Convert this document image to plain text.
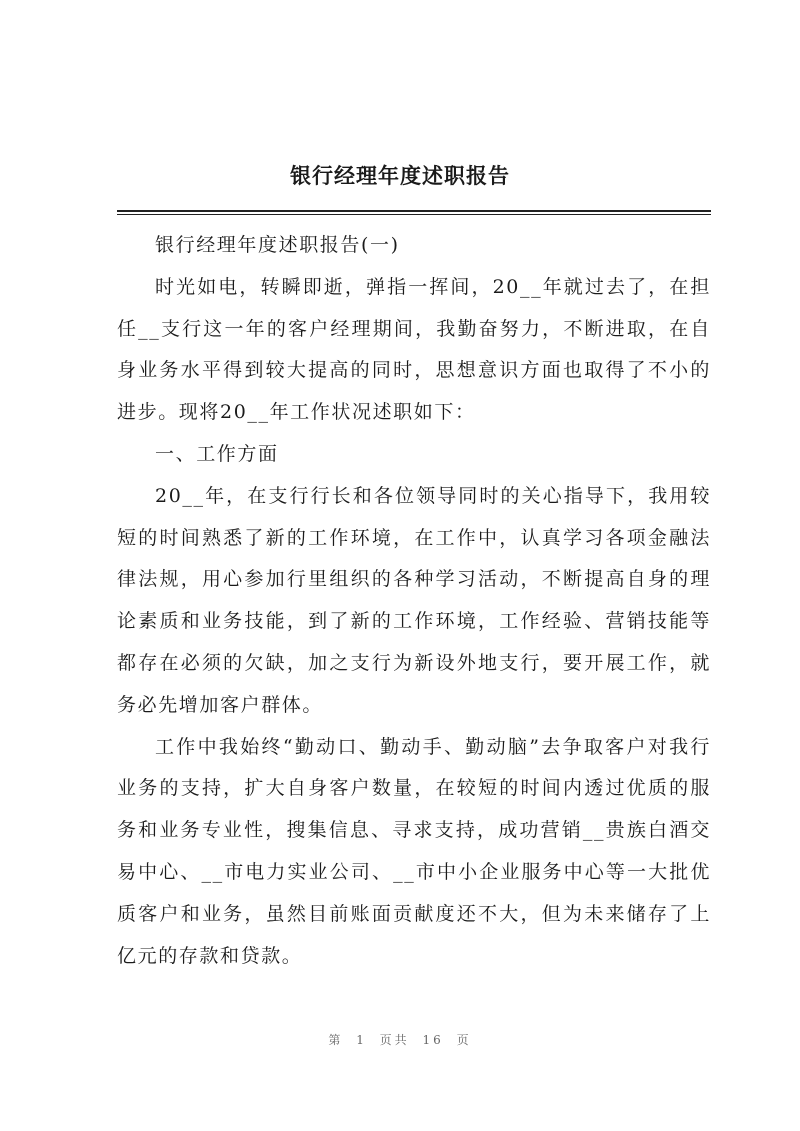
银行经理年度述职报告

银行经理年度述职报告(一)

时光如电，转瞬即逝，弹指一挥间，20__年就过去了，在担任__支行这一年的客户经理期间，我勤奋努力，不断进取，在自身业务水平得到较大提高的同时，思想意识方面也取得了不小的进步。现将20__年工作状况述职如下：

一、工作方面

20__年，在支行行长和各位领导同时的关心指导下，我用较短的时间熟悉了新的工作环境，在工作中，认真学习各项金融法律法规，用心参加行里组织的各种学习活动，不断提高自身的理论素质和业务技能，到了新的工作环境，工作经验、营销技能等都存在必须的欠缺，加之支行为新设外地支行，要开展工作，就务必先增加客户群体。

工作中我始终“勤动口、勤动手、勤动脑”去争取客户对我行业务的支持，扩大自身客户数量，在较短的时间内透过优质的服务和业务专业性，搜集信息、寻求支持，成功营销__贵族白酒交易中心、__市电力实业公司、__市中小企业服务中心等一大批优质客户和业务，虽然目前账面贡献度还不大，但为未来储存了上亿元的存款和贷款。

第 1 页共 16 页
